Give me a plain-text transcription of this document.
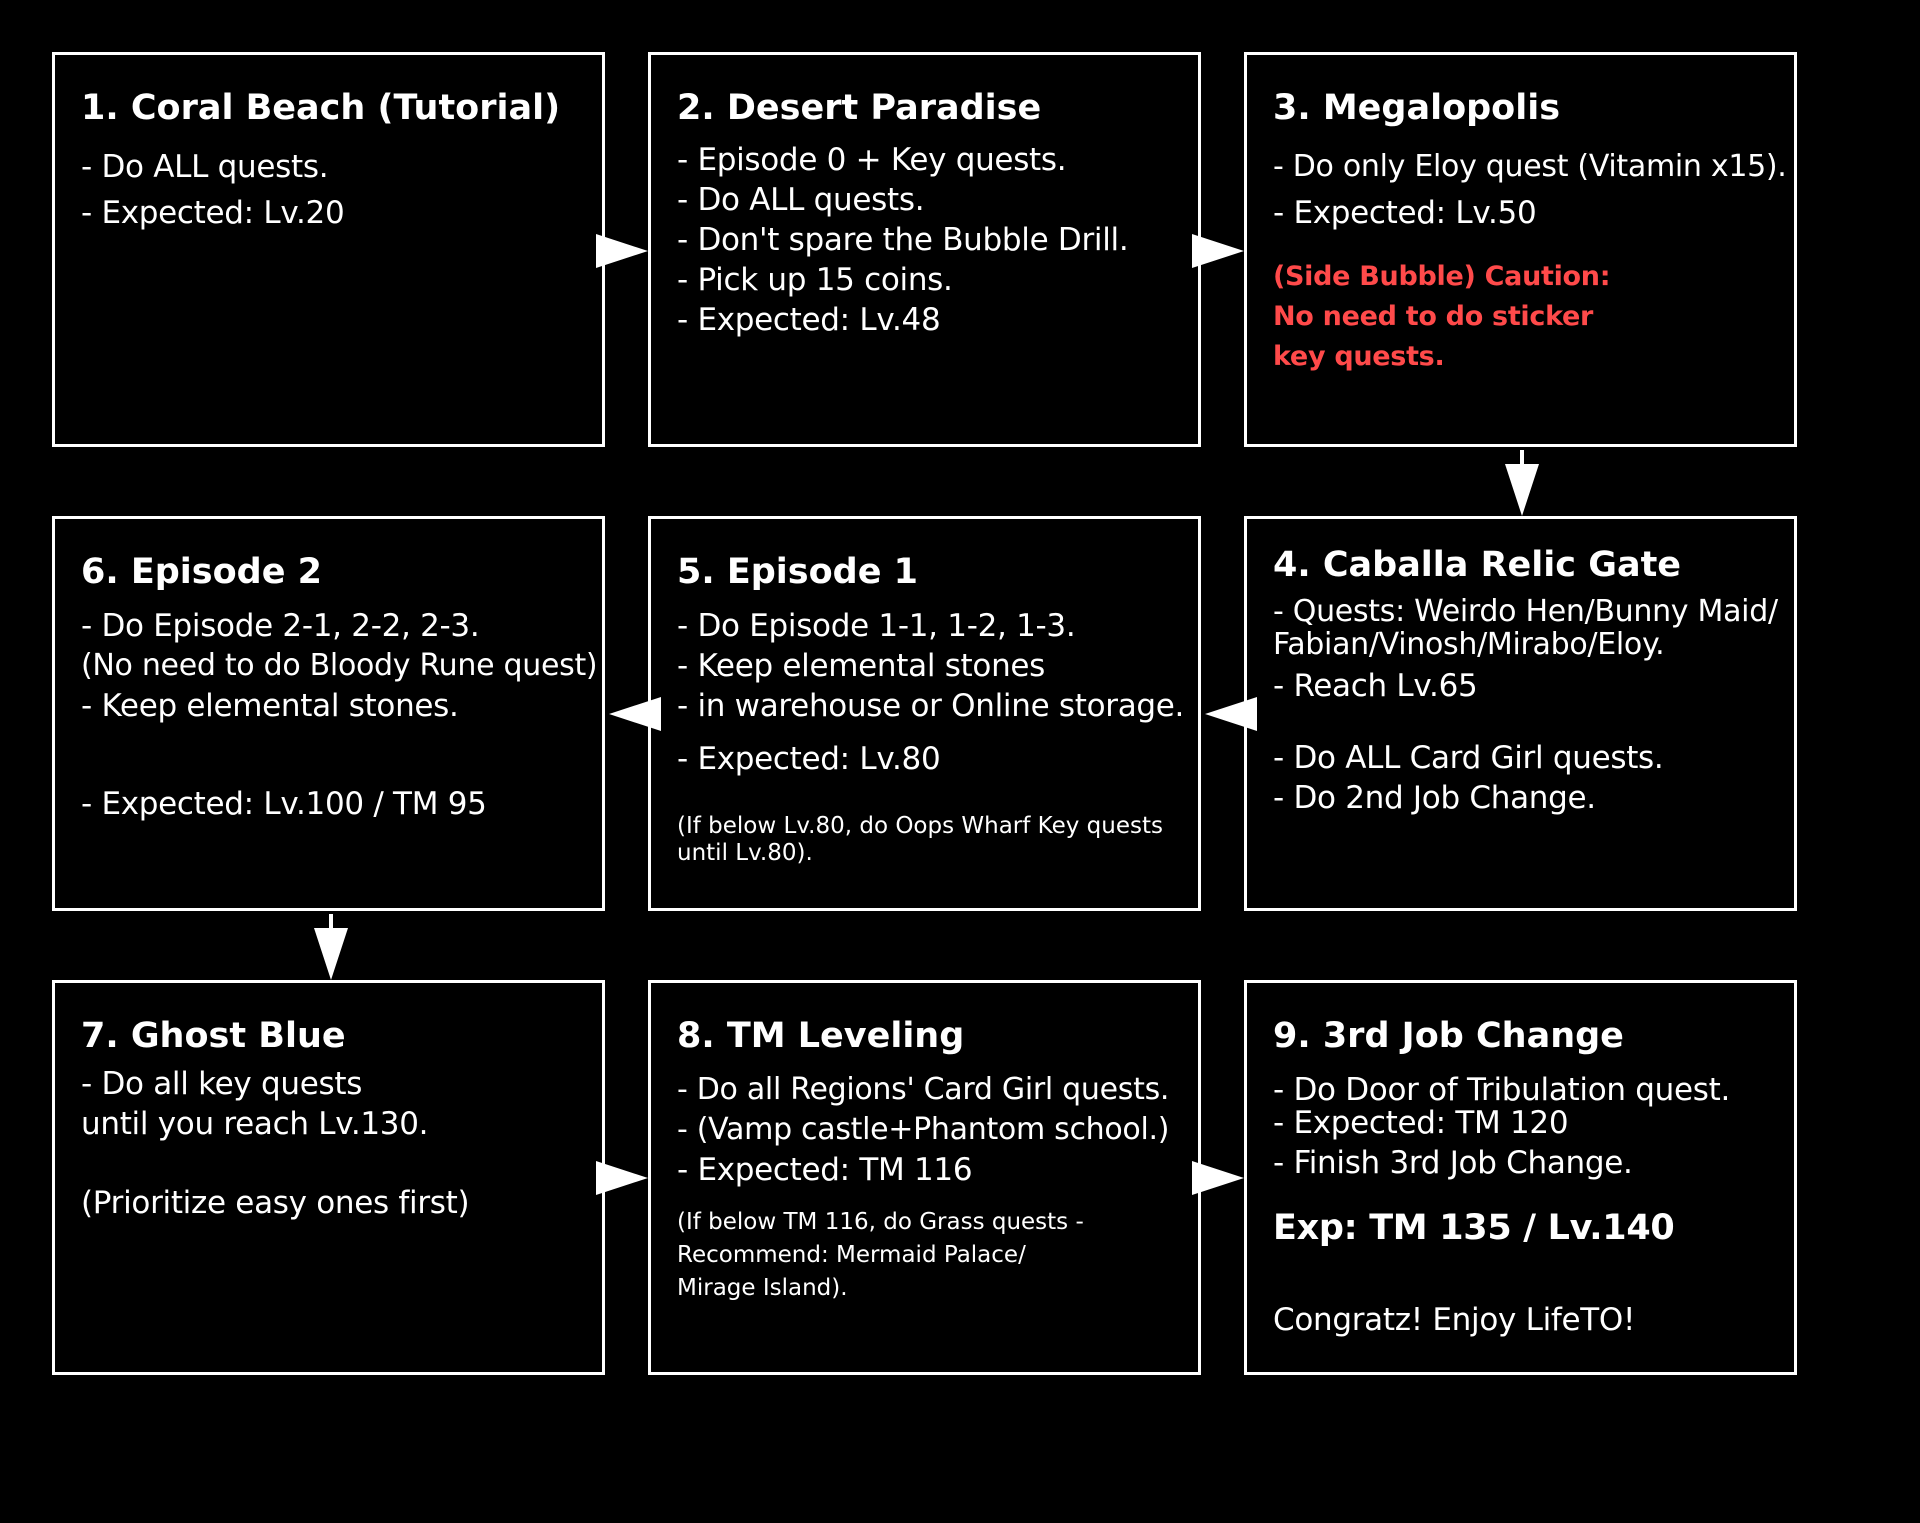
1. Coral Beach (Tutorial)
- Do ALL quests.
- Expected: Lv.20
2. Desert Paradise
- Episode 0 + Key quests.
- Do ALL quests.
- Don't spare the Bubble Drill.
- Pick up 15 coins.
- Expected: Lv.48
3. Megalopolis
- Do only Eloy quest (Vitamin x15).
- Expected: Lv.50
(Side Bubble) Caution:
No need to do sticker
key quests.
4. Caballa Relic Gate
- Quests: Weirdo Hen/Bunny Maid/
Fabian/Vinosh/Mirabo/Eloy.
- Reach Lv.65
- Do ALL Card Girl quests.
- Do 2nd Job Change.
5. Episode 1
- Do Episode 1-1, 1-2, 1-3.
- Keep elemental stones
- in warehouse or Online storage.
- Expected: Lv.80
(If below Lv.80, do Oops Wharf Key quests
until Lv.80).
6. Episode 2
- Do Episode 2-1, 2-2, 2-3.
(No need to do Bloody Rune quest)
- Keep elemental stones.
- Expected: Lv.100 / TM 95
7. Ghost Blue
- Do all key quests
until you reach Lv.130.
(Prioritize easy ones first)
8. TM Leveling
- Do all Regions' Card Girl quests.
- (Vamp castle+Phantom school.)
- Expected: TM 116
(If below TM 116, do Grass quests -
Recommend: Mermaid Palace/
Mirage Island).
9. 3rd Job Change
- Do Door of Tribulation quest.
- Expected: TM 120
- Finish 3rd Job Change.
Exp: TM 135 / Lv.140
Congratz! Enjoy LifeTO!
